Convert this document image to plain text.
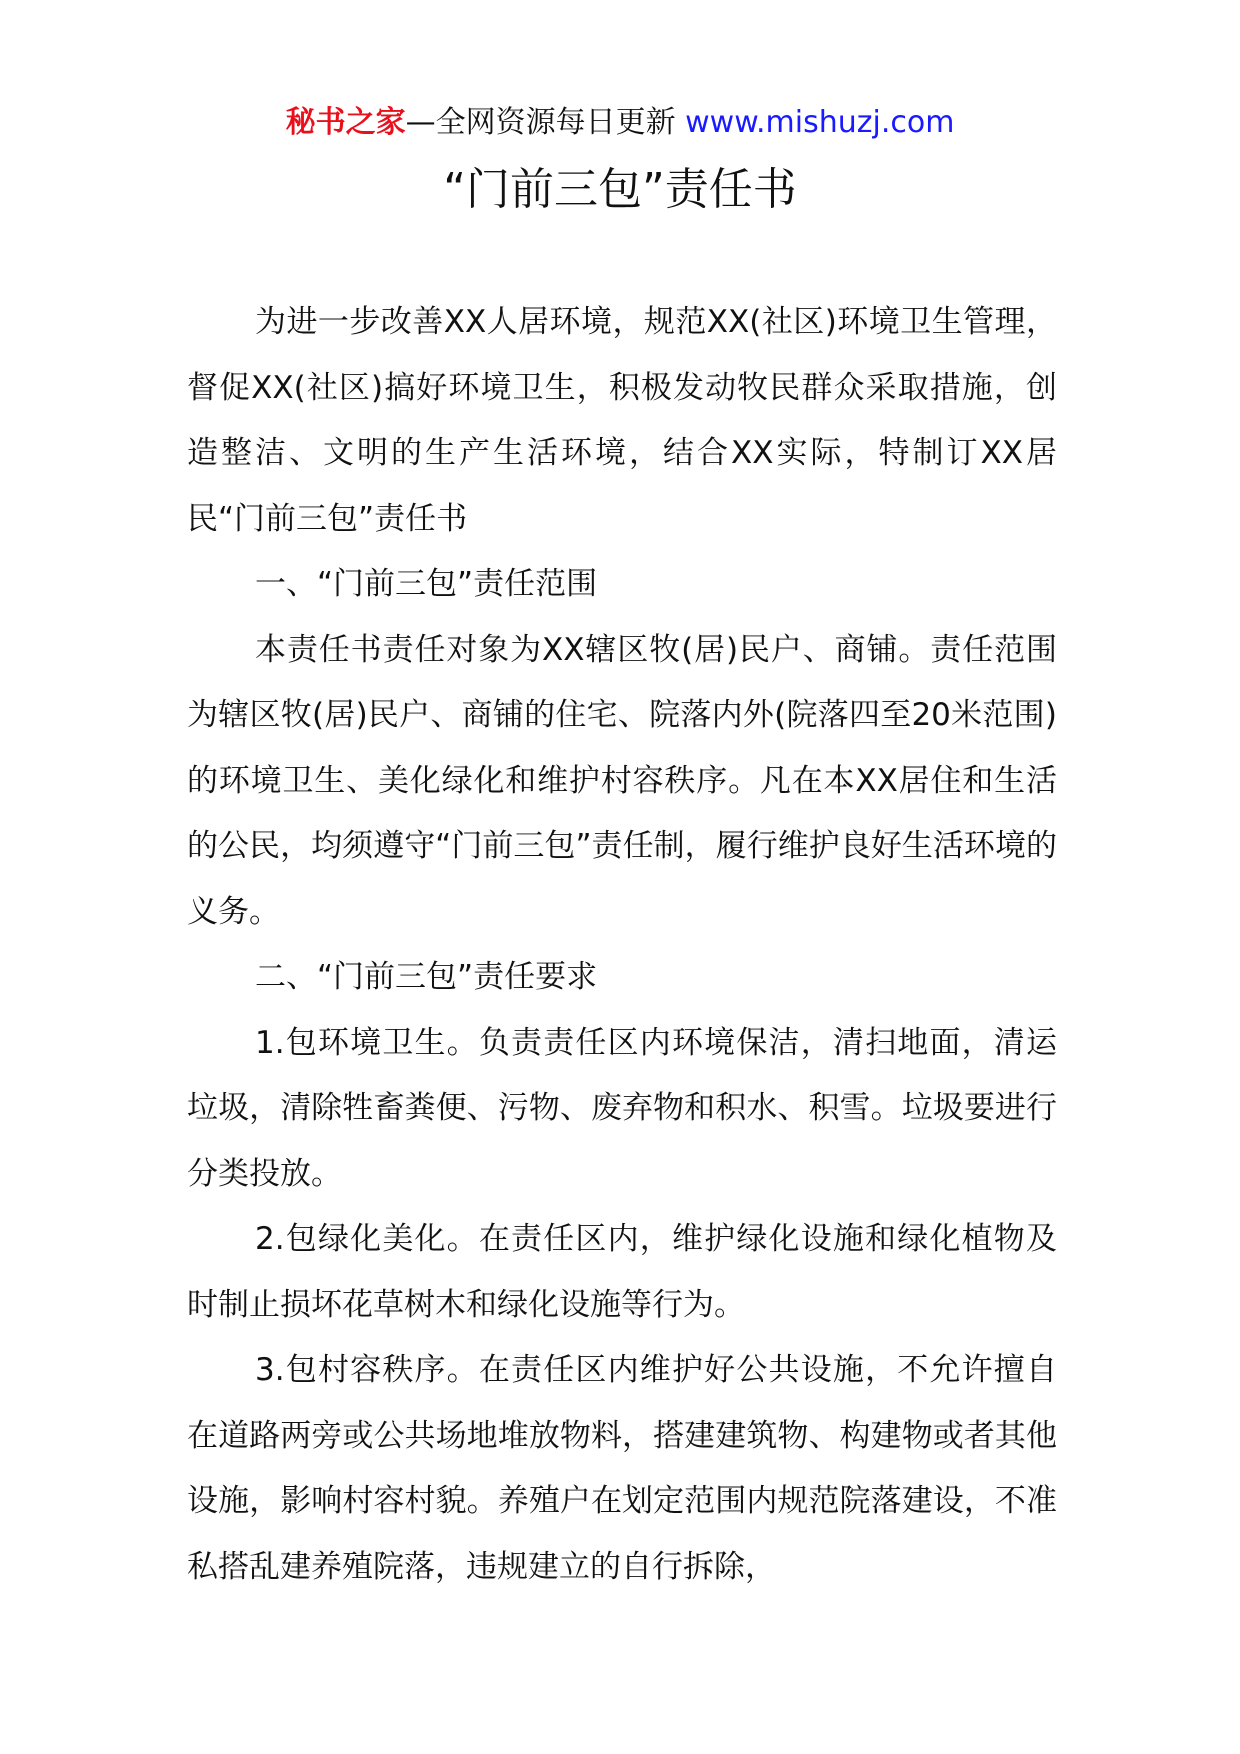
秘书之家—全网资源每日更新 www.mishuzj.com
“门前三包”责任书

为进一步改善XX人居环境，规范XX(社区)环境卫生管理，督促XX(社区)搞好环境卫生，积极发动牧民群众采取措施，创造整洁、文明的生产生活环境，结合XX实际，特制订XX居民“门前三包”责任书

一、“门前三包”责任范围

本责任书责任对象为XX辖区牧(居)民户、商铺。责任范围为辖区牧(居)民户、商铺的住宅、院落内外(院落四至20米范围)的环境卫生、美化绿化和维护村容秩序。凡在本XX居住和生活的公民，均须遵守“门前三包”责任制，履行维护良好生活环境的义务。

二、“门前三包”责任要求

1.包环境卫生。负责责任区内环境保洁，清扫地面，清运垃圾，清除牲畜粪便、污物、废弃物和积水、积雪。垃圾要进行分类投放。

2.包绿化美化。在责任区内，维护绿化设施和绿化植物及时制止损坏花草树木和绿化设施等行为。

3.包村容秩序。在责任区内维护好公共设施，不允许擅自在道路两旁或公共场地堆放物料，搭建建筑物、构建物或者其他设施，影响村容村貌。养殖户在划定范围内规范院落建设，不准私搭乱建养殖院落，违规建立的自行拆除，
